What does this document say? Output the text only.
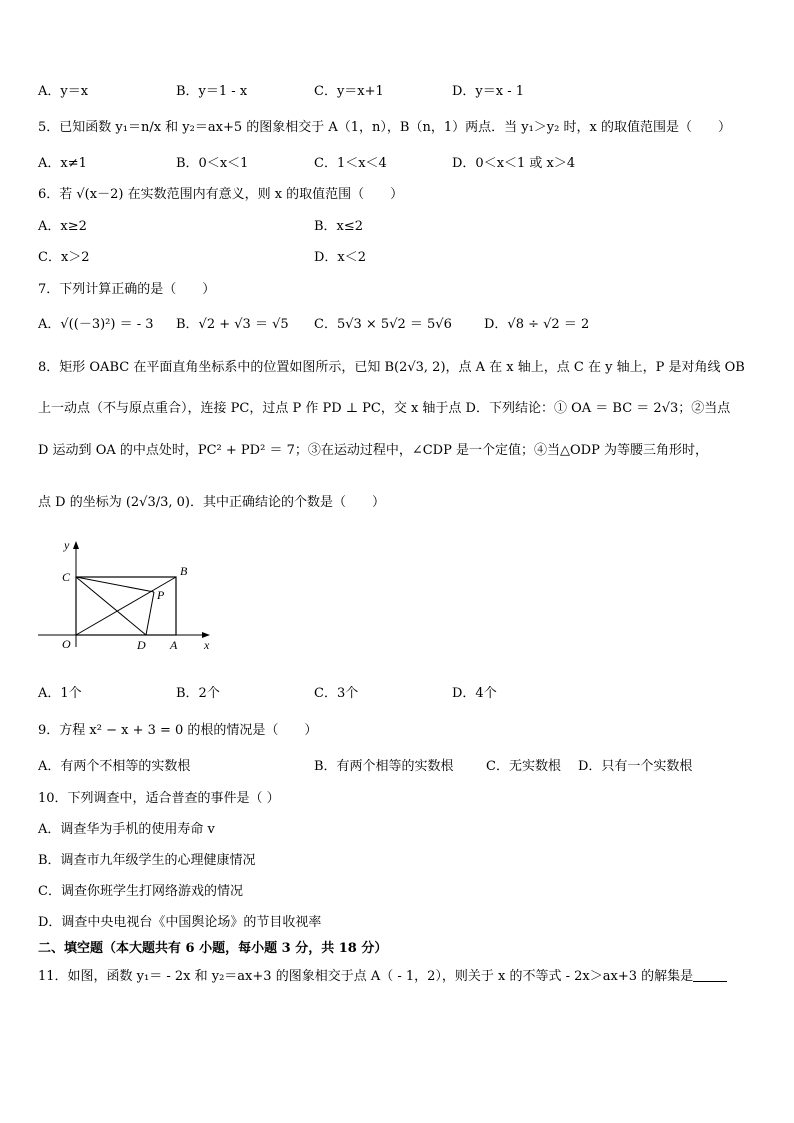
A．y＝x	B．y＝1 - x	C．y＝x+1	D．y＝x - 1
5．已知函数 y₁＝n/x 和 y₂＝ax+5 的图象相交于 A（1，n），B（n，1）两点．当 y₁＞y₂ 时，x 的取值范围是（　　）
A．x≠1	B．0＜x＜1	C．1＜x＜4	D．0＜x＜1 或 x＞4
6．若 √(x－2) 在实数范围内有意义，则 x 的取值范围（　　）
A．x≥2	B．x≤2
C．x＞2	D．x＜2
7．下列计算正确的是（　　）
A．√((－3)²) ＝ - 3 B．√2 + √3 ＝ √5 C．5√3 × 5√2 ＝ 5√6 D．√8 ÷ √2 ＝ 2
8．矩形 OABC 在平面直角坐标系中的位置如图所示，已知 B(2√3, 2)，点 A 在 x 轴上，点 C 在 y 轴上，P 是对角线 OB
上一动点（不与原点重合），连接 PC，过点 P 作 PD ⊥ PC，交 x 轴于点 D．下列结论：① OA ＝ BC ＝ 2√3；②当点
D 运动到 OA 的中点处时，PC² + PD² ＝ 7；③在运动过程中，∠CDP 是一个定值；④当△ODP 为等腰三角形时，
点 D 的坐标为 (2√3/3, 0)．其中正确结论的个数是（　　）
y
x
C	B
P
O	D A
A．1个	B．2个	C．3个	D．4个
9．方程 x² − x + 3 = 0 的根的情况是（　　）
A．有两个不相等的实数根	B．有两个相等的实数根 C．无实数根 D．只有一个实数根
10．下列调查中，适合普查的事件是（ ）
A．调查华为手机的使用寿命 v
B．调查市九年级学生的心理健康情况
C．调查你班学生打网络游戏的情况
D．调查中央电视台《中国舆论场》的节目收视率
二、填空题（本大题共有 6 小题，每小题 3 分，共 18 分）
11．如图，函数 y₁＝ - 2x 和 y₂＝ax+3 的图象相交于点 A（ - 1，2），则关于 x 的不等式 - 2x＞ax+3 的解集是
